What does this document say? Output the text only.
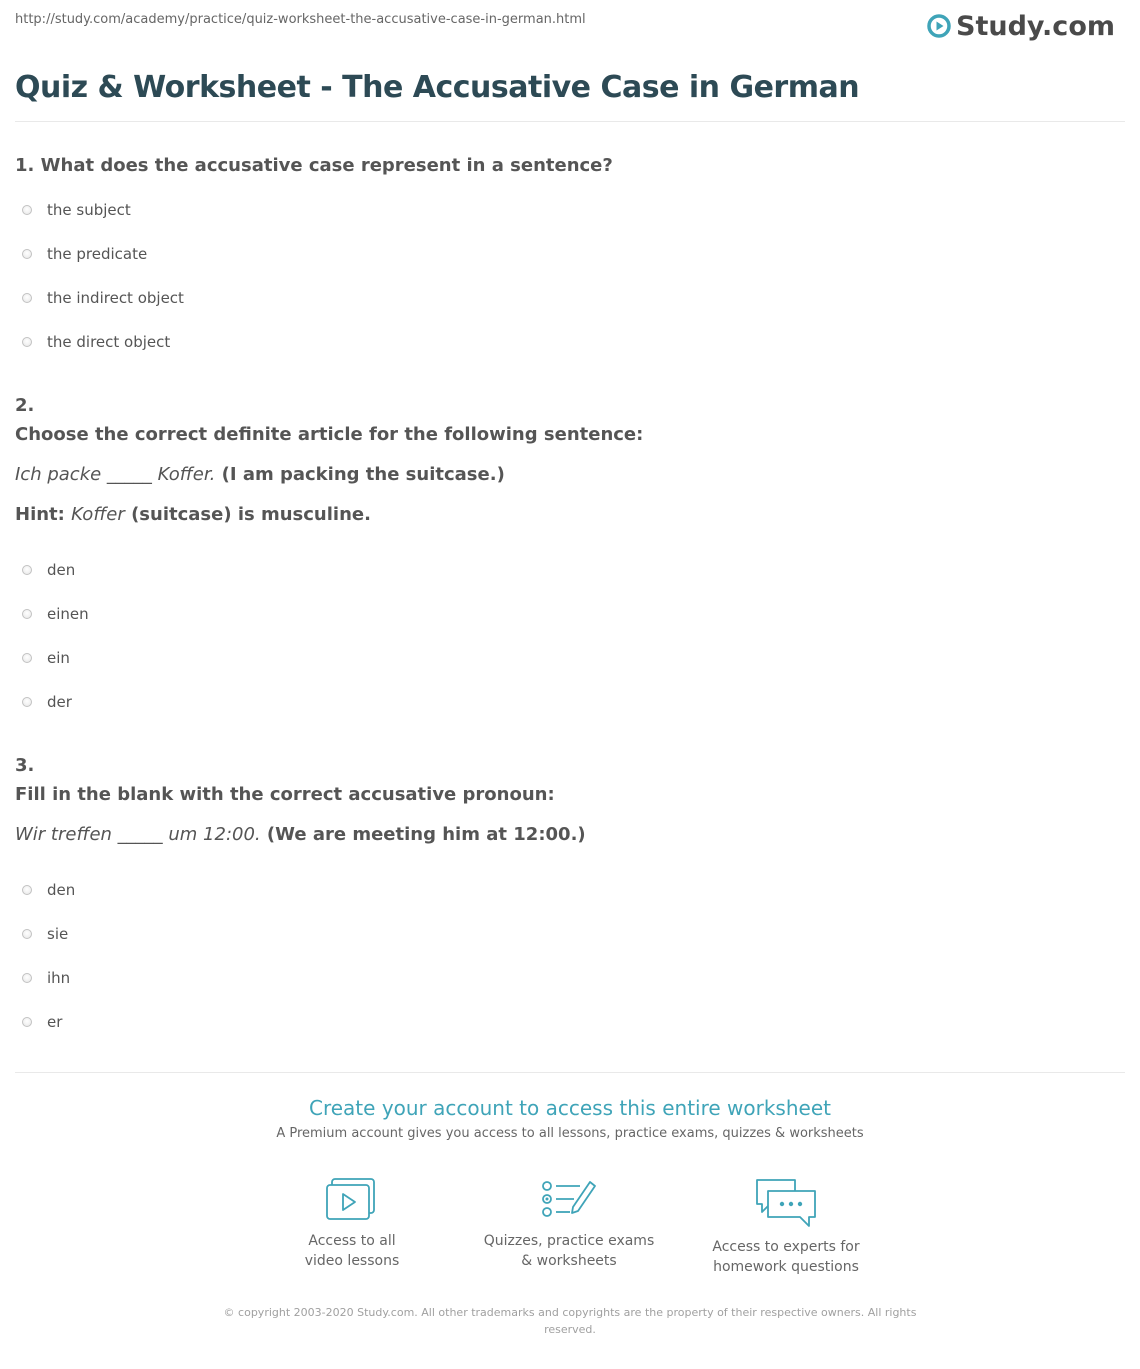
http://study.com/academy/practice/quiz-worksheet-the-accusative-case-in-german.html	Study.com
Quiz & Worksheet - The Accusative Case in German

1. What does the accusative case represent in a sentence?

the subject
the predicate
the indirect object
the direct object

2.

Choose the correct definite article for the following sentence:

Ich packe _____ Koffer. (I am packing the suitcase.)

Hint: Koffer (suitcase) is musculine.

den
einen
ein
der

3.

Fill in the blank with the correct accusative pronoun:

Wir treffen _____ um 12:00. (We are meeting him at 12:00.)

den
sie
ihn
er
Create your account to access this entire worksheet
A Premium account gives you access to all lessons, practice exams, quizzes & worksheets
Access to all
video lessons
Quizzes, practice exams
& worksheets
Access to experts for
homework questions
© copyright 2003-2020 Study.com. All other trademarks and copyrights are the property of their respective owners. All rights reserved.
